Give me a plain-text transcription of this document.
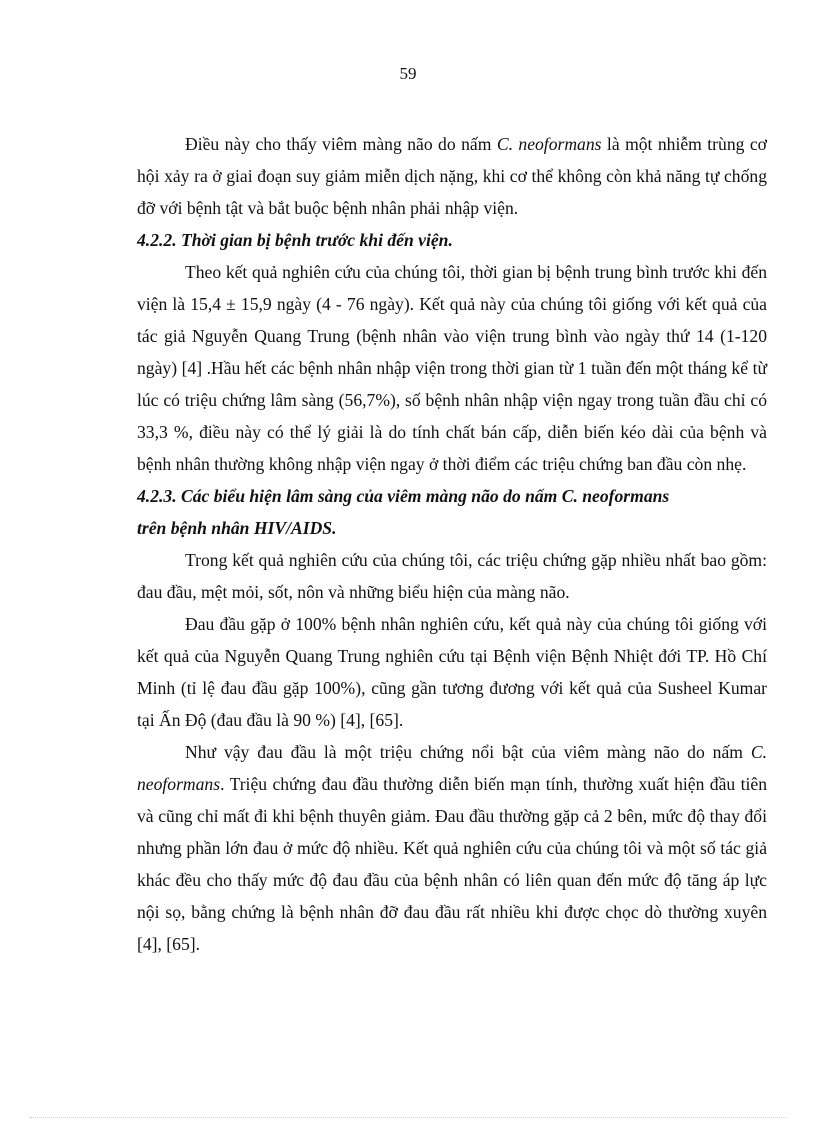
59

Điều này cho thấy viêm màng não do nấm C. neoformans là một nhiễm trùng cơ hội xảy ra ở giai đoạn suy giảm miễn dịch nặng, khi cơ thể không còn khả năng tự chống đỡ với bệnh tật và bắt buộc bệnh nhân phải nhập viện.

4.2.2. Thời gian bị bệnh trước khi đến viện.

Theo kết quả nghiên cứu của chúng tôi, thời gian bị bệnh trung bình trước khi đến viện là 15,4 ± 15,9 ngày (4 - 76 ngày). Kết quả này của chúng tôi giống với kết quả của tác giả Nguyễn Quang Trung (bệnh nhân vào viện trung bình vào ngày thứ 14 (1-120 ngày) [4] .Hầu hết các bệnh nhân nhập viện trong thời gian từ 1 tuần đến một tháng kể từ lúc có triệu chứng lâm sàng (56,7%), số bệnh nhân nhập viện ngay trong tuần đầu chỉ có 33,3 %, điều này có thể lý giải là do tính chất bán cấp, diễn biến kéo dài của bệnh và bệnh nhân thường không nhập viện ngay ở thời điểm các triệu chứng ban đầu còn nhẹ.

4.2.3. Các biểu hiện lâm sàng của viêm màng não do nấm C. neoformans
trên bệnh nhân HIV/AIDS.

Trong kết quả nghiên cứu của chúng tôi, các triệu chứng gặp nhiều nhất bao gồm: đau đầu, mệt mỏi, sốt, nôn và những biểu hiện của màng não.

Đau đầu gặp ở 100% bệnh nhân nghiên cứu, kết quả này của chúng tôi giống với kết quả của Nguyễn Quang Trung nghiên cứu tại Bệnh viện Bệnh Nhiệt đới TP. Hồ Chí Minh (tỉ lệ đau đầu gặp 100%), cũng gần tương đương với kết quả của Susheel Kumar tại Ấn Độ (đau đầu là 90 %) [4], [65].

Như vậy đau đầu là một triệu chứng nổi bật của viêm màng não do nấm C. neoformans. Triệu chứng đau đầu thường diễn biến mạn tính, thường xuất hiện đầu tiên và cũng chỉ mất đi khi bệnh thuyên giảm. Đau đầu thường gặp cả 2 bên, mức độ thay đổi nhưng phần lớn đau ở mức độ nhiều. Kết quả nghiên cứu của chúng tôi và một số tác giả khác đều cho thấy mức độ đau đầu của bệnh nhân có liên quan đến mức độ tăng áp lực nội sọ, bằng chứng là bệnh nhân đỡ đau đầu rất nhiều khi được chọc dò thường xuyên [4], [65].
